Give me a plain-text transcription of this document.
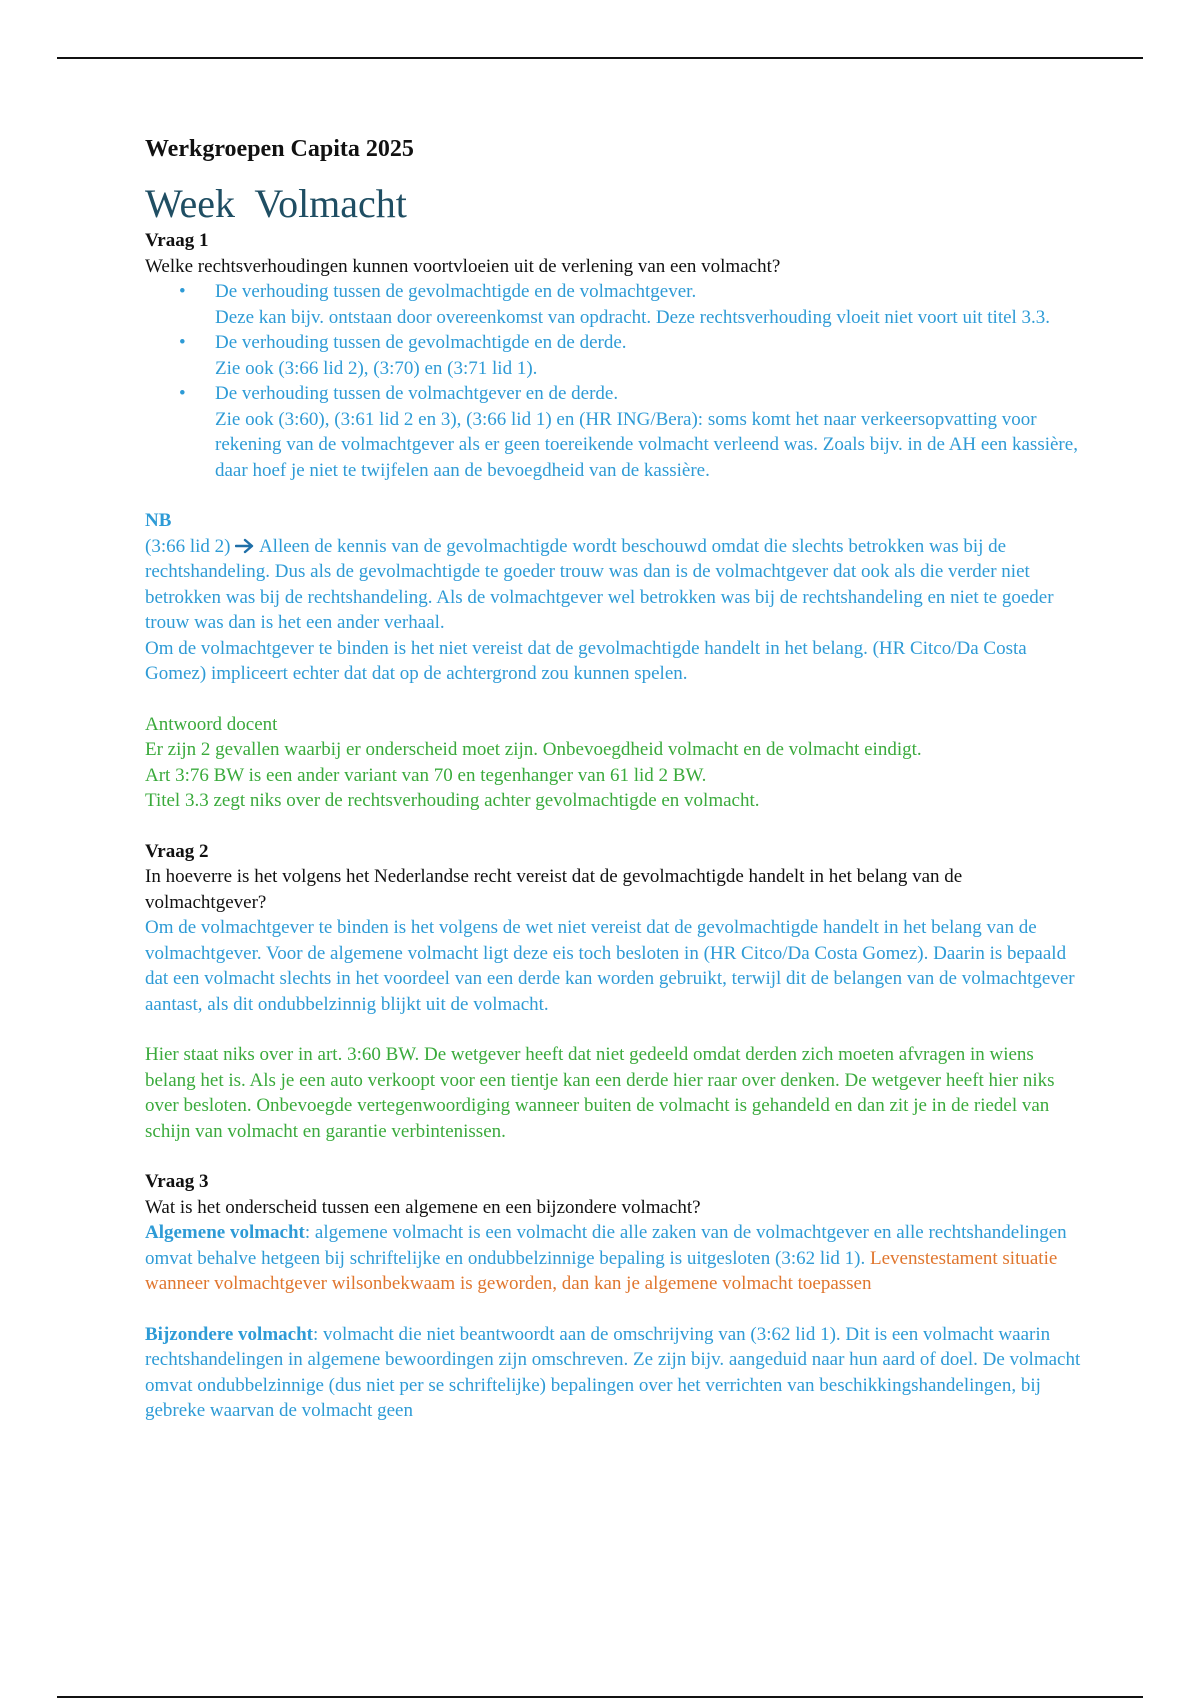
Werkgroepen Capita 2025
Week  Volmacht
Vraag 1
Welke rechtsverhoudingen kunnen voortvloeien uit de verlening van een volmacht?
• De verhouding tussen de gevolmachtigde en de volmachtgever.
Deze kan bijv. ontstaan door overeenkomst van opdracht. Deze rechtsverhouding vloeit niet voort uit titel 3.3.
• De verhouding tussen de gevolmachtigde en de derde.
Zie ook (3:66 lid 2), (3:70) en (3:71 lid 1).
• De verhouding tussen de volmachtgever en de derde.
Zie ook (3:60), (3:61 lid 2 en 3), (3:66 lid 1) en (HR ING/Bera): soms komt het naar verkeersopvatting voor rekening van de volmachtgever als er geen toereikende volmacht verleend was. Zoals bijv. in de AH een kassière, daar hoef je niet te twijfelen aan de bevoegdheid van de kassière.
NB
(3:66 lid 2) Alleen de kennis van de gevolmachtigde wordt beschouwd omdat die slechts betrokken was bij de rechtshandeling. Dus als de gevolmachtigde te goeder trouw was dan is de volmachtgever dat ook als die verder niet betrokken was bij de rechtshandeling. Als de volmachtgever wel betrokken was bij de rechtshandeling en niet te goeder trouw was dan is het een ander verhaal.
Om de volmachtgever te binden is het niet vereist dat de gevolmachtigde handelt in het belang. (HR Citco/Da Costa Gomez) impliceert echter dat dat op de achtergrond zou kunnen spelen.
Antwoord docent
Er zijn 2 gevallen waarbij er onderscheid moet zijn. Onbevoegdheid volmacht en de volmacht eindigt.
Art 3:76 BW is een ander variant van 70 en tegenhanger van 61 lid 2 BW.
Titel 3.3 zegt niks over de rechtsverhouding achter gevolmachtigde en volmacht.
Vraag 2
In hoeverre is het volgens het Nederlandse recht vereist dat de gevolmachtigde handelt in het belang van de volmachtgever?
Om de volmachtgever te binden is het volgens de wet niet vereist dat de gevolmachtigde handelt in het belang van de volmachtgever. Voor de algemene volmacht ligt deze eis toch besloten in (HR Citco/Da Costa Gomez). Daarin is bepaald dat een volmacht slechts in het voordeel van een derde kan worden gebruikt, terwijl dit de belangen van de volmachtgever aantast, als dit ondubbelzinnig blijkt uit de volmacht.
Hier staat niks over in art. 3:60 BW. De wetgever heeft dat niet gedeeld omdat derden zich moeten afvragen in wiens belang het is. Als je een auto verkoopt voor een tientje kan een derde hier raar over denken. De wetgever heeft hier niks over besloten. Onbevoegde vertegenwoordiging wanneer buiten de volmacht is gehandeld en dan zit je in de riedel van schijn van volmacht en garantie verbintenissen.
Vraag 3
Wat is het onderscheid tussen een algemene en een bijzondere volmacht?
Algemene volmacht: algemene volmacht is een volmacht die alle zaken van de volmachtgever en alle rechtshandelingen omvat behalve hetgeen bij schriftelijke en ondubbelzinnige bepaling is uitgesloten (3:62 lid 1). Levenstestament situatie wanneer volmachtgever wilsonbekwaam is geworden, dan kan je algemene volmacht toepassen
Bijzondere volmacht: volmacht die niet beantwoordt aan de omschrijving van (3:62 lid 1). Dit is een volmacht waarin rechtshandelingen in algemene bewoordingen zijn omschreven. Ze zijn bijv. aangeduid naar hun aard of doel. De volmacht omvat ondubbelzinnige (dus niet per se schriftelijke) bepalingen over het verrichten van beschikkingshandelingen, bij gebreke waarvan de volmacht geen
